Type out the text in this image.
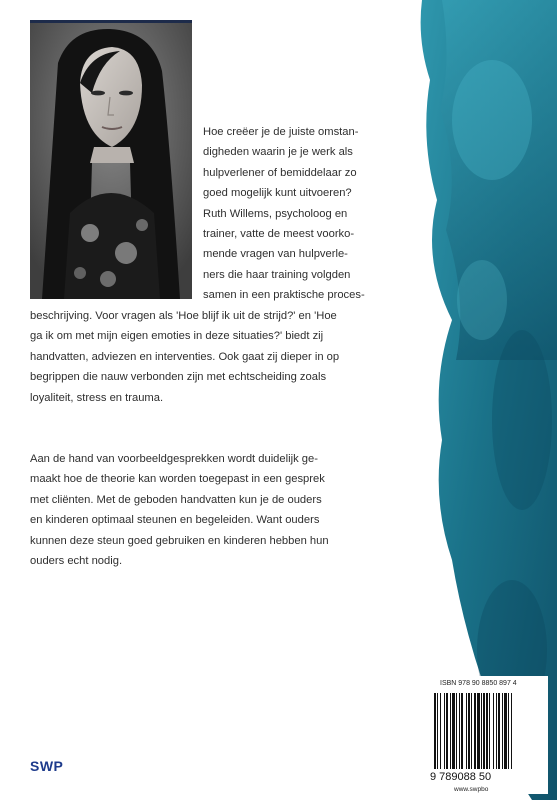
Hoe creëer je de juiste omstan-
digheden waarin je je werk als
hulpverlener of bemiddelaar zo
goed mogelijk kunt uitvoeren?
Ruth Willems, psycholoog en
trainer, vatte de meest voorko-
mende vragen van hulpverle-
ners die haar training volgden
samen in een praktische proces-
beschrijving. Voor vragen als 'Hoe blijf ik uit de strijd?' en 'Hoe
ga ik om met mijn eigen emoties in deze situaties?' biedt zij
handvatten, adviezen en interventies. Ook gaat zij dieper in op
begrippen die nauw verbonden zijn met echtscheiding zoals
loyaliteit, stress en trauma.
Aan de hand van voorbeeldgesprekken wordt duidelijk ge-
maakt hoe de theorie kan worden toegepast in een gesprek
met cliënten. Met de geboden handvatten kun je de ouders
en kinderen optimaal steunen en begeleiden. Want ouders
kunnen deze steun goed gebruiken en kinderen hebben hun
ouders echt nodig.
SWP
ISBN 978 90 8850 897 4
9 789088 50
www.swpbo
